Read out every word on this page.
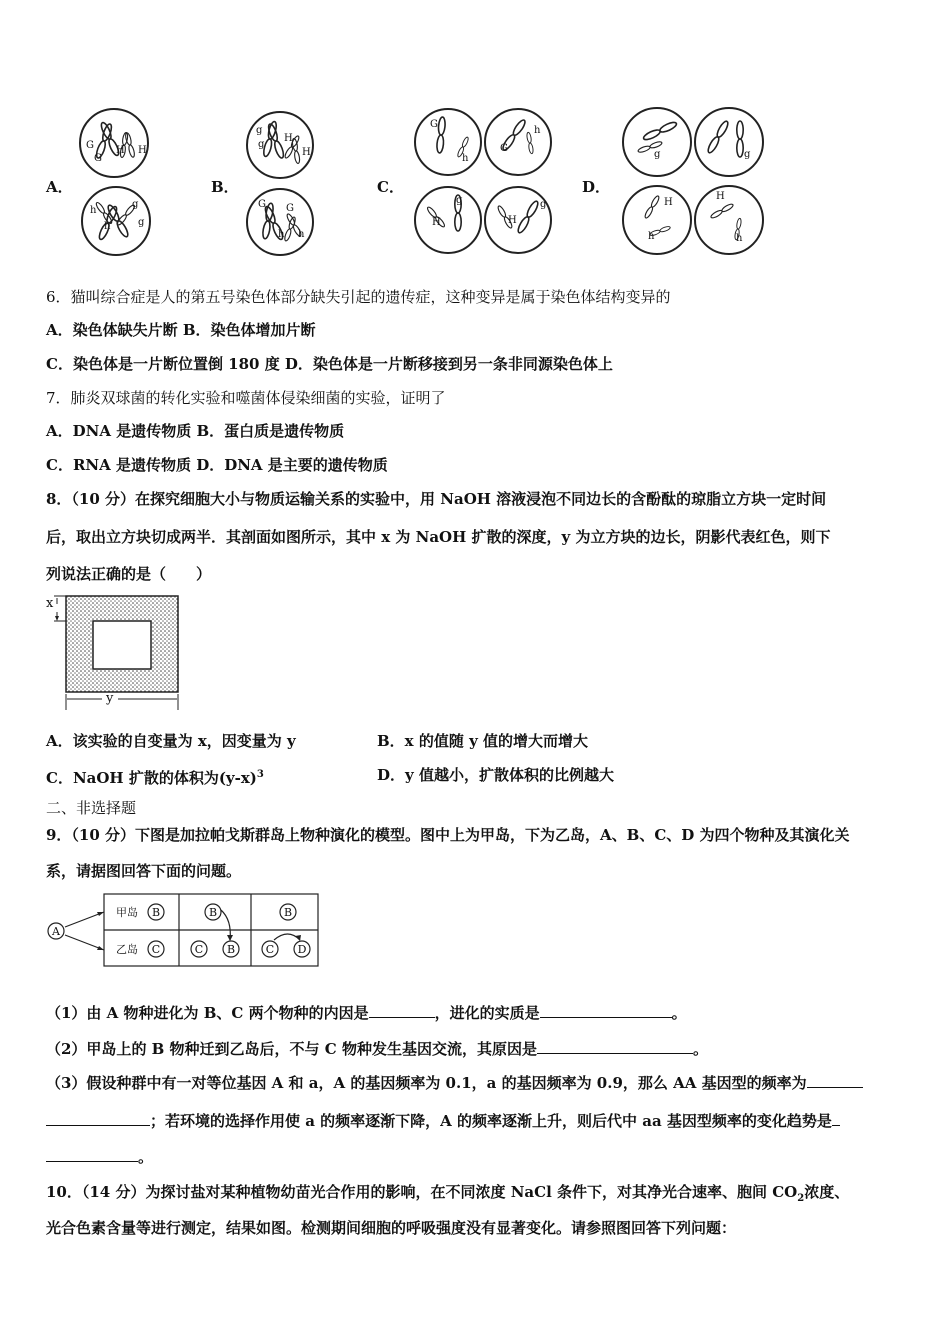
A．	B．	C．	D．
G
G
H H
h
h
g
g
g
g
H
H
G G
h h
G
h
G
h
H
g
H
g
g	g
H
h
H
h
6．猫叫综合症是人的第五号染色体部分缺失引起的遗传症，这种变异是属于染色体结构变异的
A．染色体缺失片断 B．染色体增加片断
C．染色体是一片断位置倒 180 度 D．染色体是一片断移接到另一条非同源染色体上
7．肺炎双球菌的转化实验和噬菌体侵染细菌的实验，证明了
A．DNA 是遗传物质 B．蛋白质是遗传物质
C．RNA 是遗传物质 D．DNA 是主要的遗传物质
8．（10 分）在探究细胞大小与物质运输关系的实验中，用 NaOH 溶液浸泡不同边长的含酚酞的琼脂立方块一定时间
后，取出立方块切成两半．其剖面如图所示，其中 x 为 NaOH 扩散的深度，y 为立方块的边长，阴影代表红色，则下
列说法正确的是（　　）
x
y
A．该实验的自变量为 x，因变量为 y	B．x 的值随 y 值的增大而增大
C．NaOH 扩散的体积为$(y-x)^3$	D．y 值越小，扩散体积的比例越大
二、非选择题
9．（10 分）下图是加拉帕戈斯群岛上物种演化的模型。图中上为甲岛，下为乙岛，A、B、C、D 为四个物种及其演化关
系，请据图回答下面的问题。
A
甲岛
乙岛
B
C
B
C B
B
C D
（1）由 A 物种进化为 B、C 两个物种的内因是	，进化的实质是	。
（2）甲岛上的 B 物种迁到乙岛后，不与 C 物种发生基因交流，其原因是	。
（3）假设种群中有一对等位基因 A 和 a，A 的基因频率为 0.1，a 的基因频率为 0.9，那么 AA 基因型的频率为
；若环境的选择作用使 a 的频率逐渐下降，A 的频率逐渐上升，则后代中 aa 基因型频率的变化趋势是
。
10．（14 分）为探讨盐对某种植物幼苗光合作用的影响，在不同浓度 NaCl 条件下，对其净光合速率、胞间 $CO_2$浓度、
光合色素含量等进行测定，结果如图。检测期间细胞的呼吸强度没有显著变化。请参照图回答下列问题：
